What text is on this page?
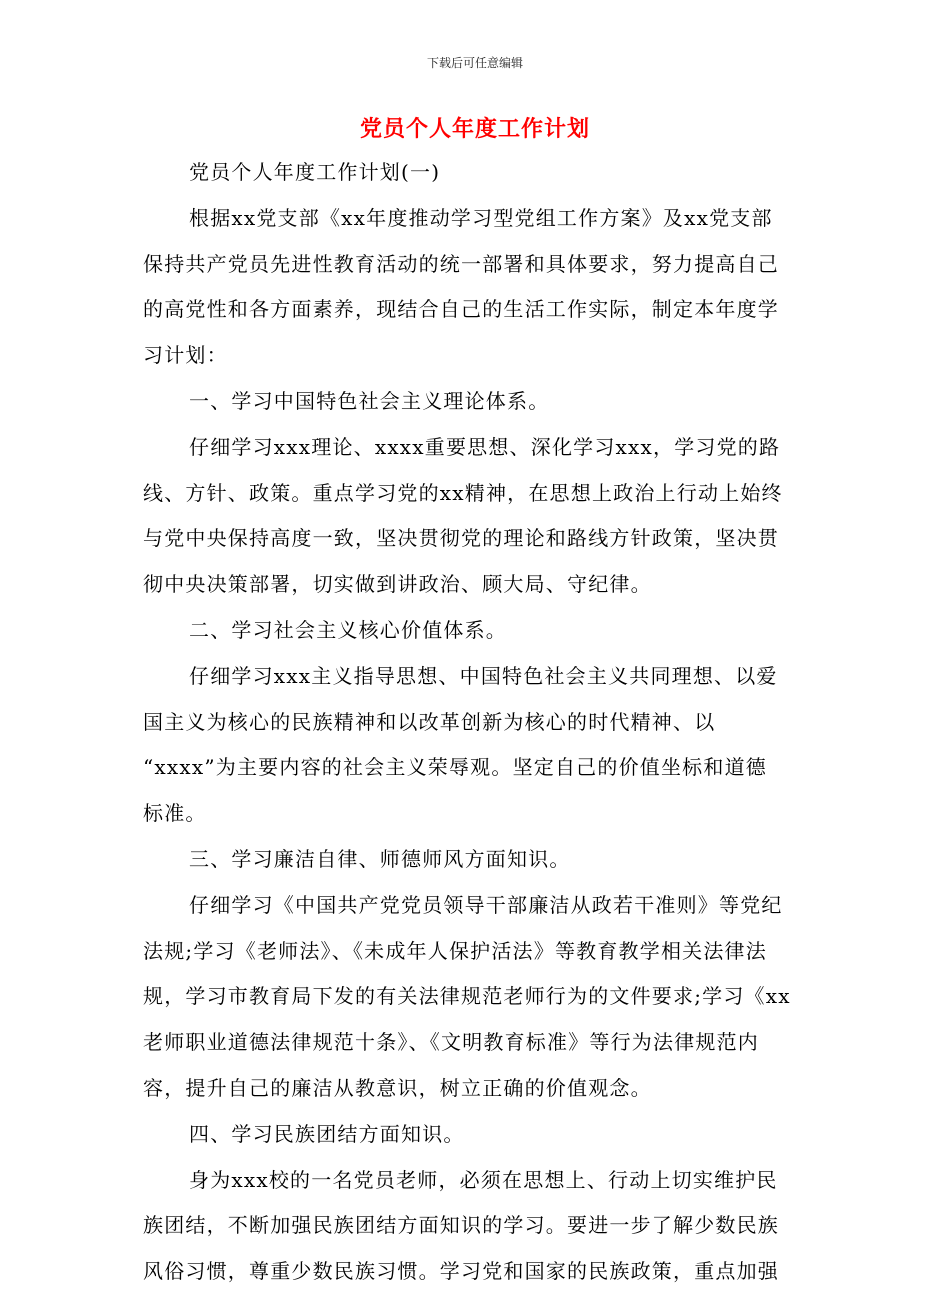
下载后可任意编辑
党员个人年度工作计划
党员个人年度工作计划(一)
根据xx党支部《xx年度推动学习型党组工作方案》及xx党支部
保持共产党员先进性教育活动的统一部署和具体要求，努力提高自己
的高党性和各方面素养，现结合自己的生活工作实际，制定本年度学
习计划：
一、学习中国特色社会主义理论体系。
仔细学习xxx理论、xxxx重要思想、深化学习xxx，学习党的路
线、方针、政策。重点学习党的xx精神，在思想上政治上行动上始终
与党中央保持高度一致，坚决贯彻党的理论和路线方针政策，坚决贯
彻中央决策部署，切实做到讲政治、顾大局、守纪律。
二、学习社会主义核心价值体系。
仔细学习xxx主义指导思想、中国特色社会主义共同理想、以爱
国主义为核心的民族精神和以改革创新为核心的时代精神、以
“xxxx”为主要内容的社会主义荣辱观。坚定自己的价值坐标和道德
标准。
三、学习廉洁自律、师德师风方面知识。
仔细学习《中国共产党党员领导干部廉洁从政若干准则》等党纪
法规;学习《老师法》、《未成年人保护活法》等教育教学相关法律法
规，学习市教育局下发的有关法律规范老师行为的文件要求;学习《xx
老师职业道德法律规范十条》、《文明教育标准》等行为法律规范内
容，提升自己的廉洁从教意识，树立正确的价值观念。
四、学习民族团结方面知识。
身为xxx校的一名党员老师，必须在思想上、行动上切实维护民
族团结，不断加强民族团结方面知识的学习。要进一步了解少数民族
风俗习惯，尊重少数民族习惯。学习党和国家的民族政策，重点加强
